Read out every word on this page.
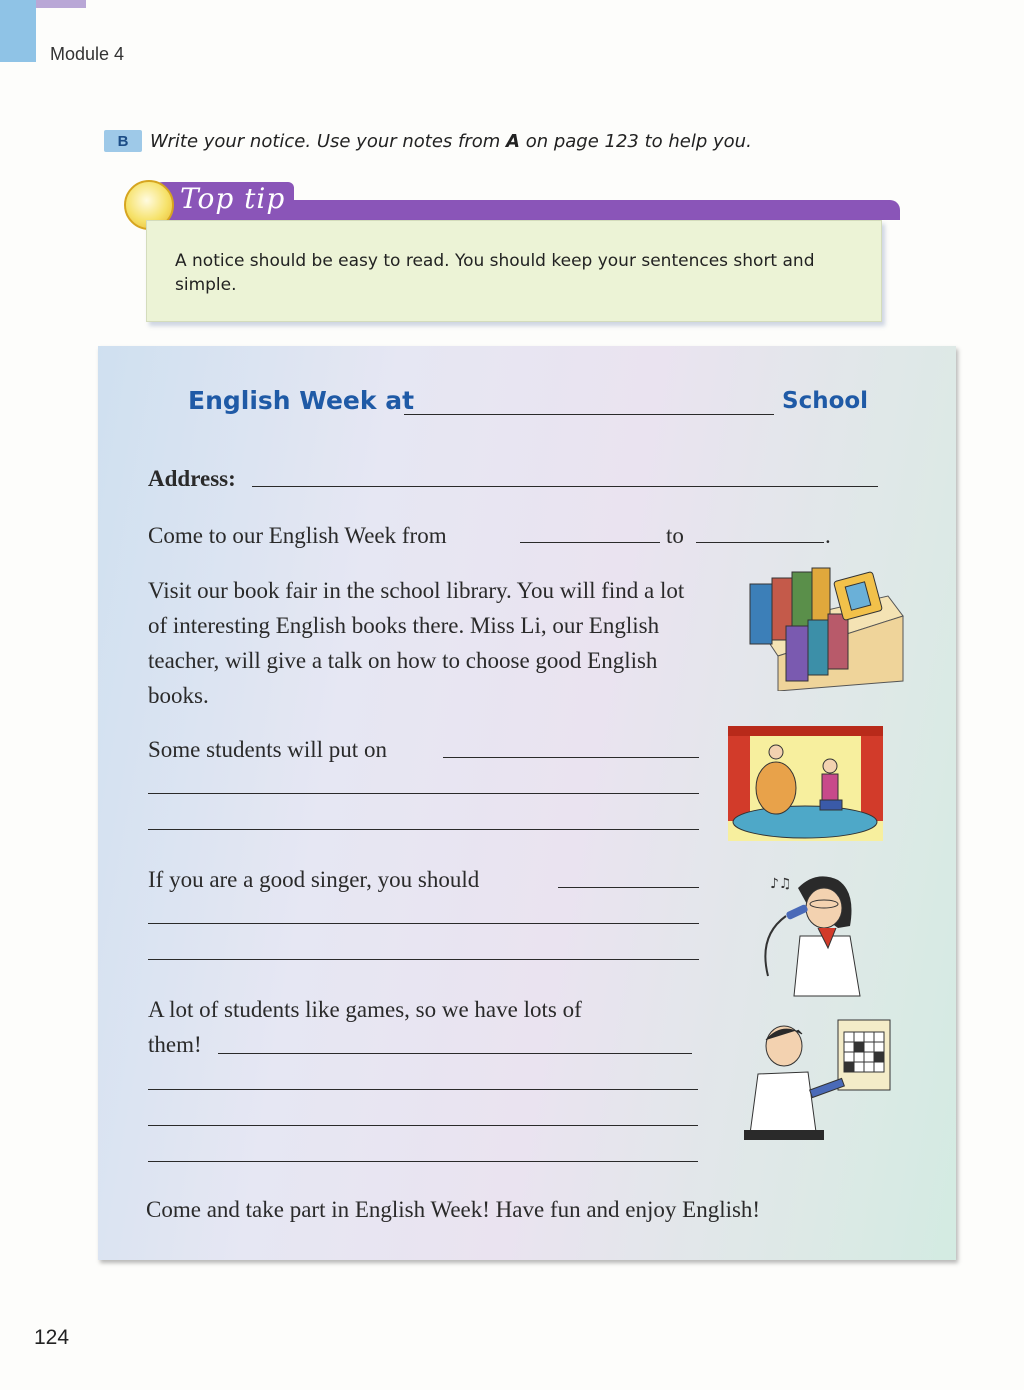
Module 4
B	Write your notice. Use your notes from A on page 123 to help you.
Top tip
A notice should be easy to read. You should keep your sentences short and simple.
English Week at	School
Address:
Come to our English Week from	to	.
Visit our book fair in the school library. You will find a lot of interesting English books there. Miss Li, our English teacher, will give a talk on how to choose good English books.
Some students will put on
If you are a good singer, you should
A lot of students like games, so we have lots of
them!
Come and take part in English Week! Have fun and enjoy English!
♪♫
124
